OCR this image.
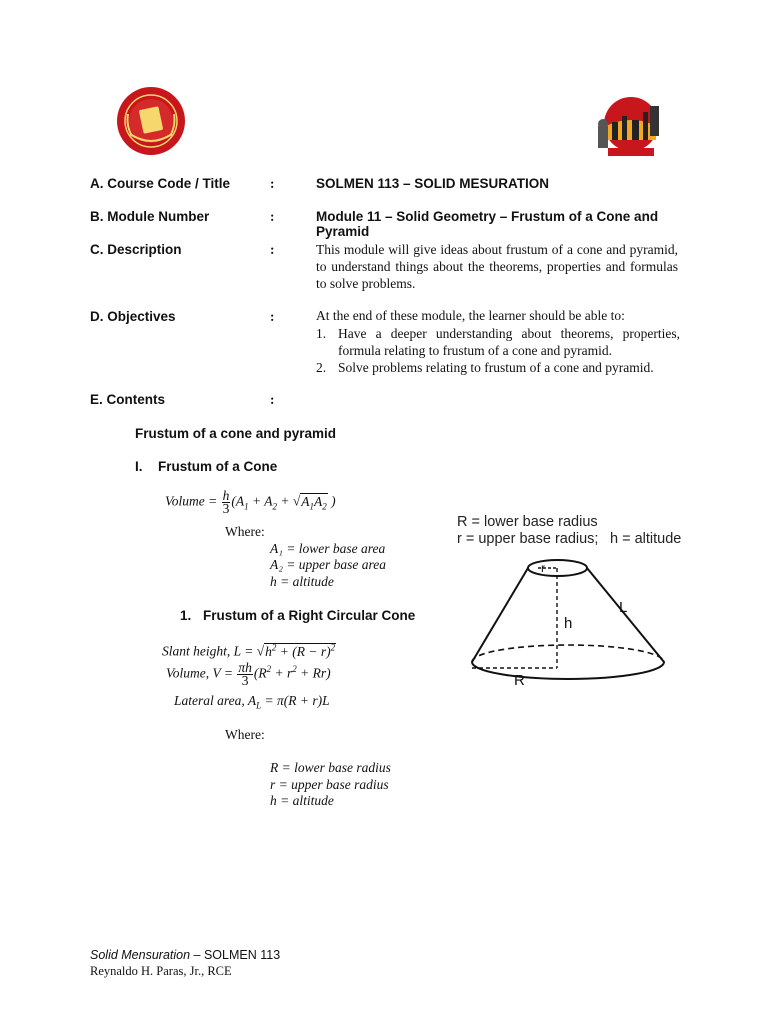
A. Course Code / Title	:	SOLMEN 113 – SOLID MESURATION
B. Module Number	:	Module 11 – Solid Geometry – Frustum of a Cone and Pyramid
C. Description	:	This module will give ideas about frustum of a cone and pyramid, to understand things about the theorems, properties and formulas to solve problems.
D. Objectives	:	At the end of these module, the learner should be able to:
1. Have a deeper understanding about theorems, properties, formula relating to frustum of a cone and pyramid.
2. Solve problems relating to frustum of a cone and pyramid.
E. Contents	:
Frustum of a cone and pyramid
I. Frustum of a Cone
Volume = $\frac{h}{3} (A_1 + A_2 + √A_1A_2$ )
Where:
A₁ = lower base area
A₂ = upper base area
h = altitude
1. Frustum of a Right Circular Cone
Slant height, $L = √h^2 + (R - r)^2$
Volume, $V = \frac{\pi h}{3} (R^2 + r^2 + Rr)$
Lateral area, $A_L = \pi(R + r)L$
Where:
R = lower base radius
r = upper base radius
h = altitude
R = lower base radius
r = upper base radius; h = altitude
r
h
R
L
Solid Mensuration – SOLMEN 113
Reynaldo H. Paras, Jr., RCE
